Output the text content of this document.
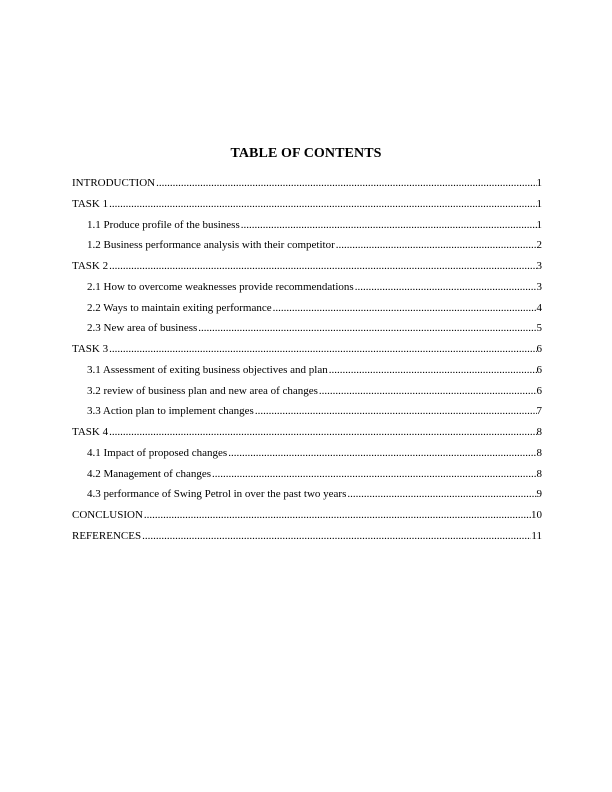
TABLE OF CONTENTS
INTRODUCTION .....	1
TASK 1 .....	1
1.1 Produce profile of the business .....	1
1.2 Business performance analysis with their competitor .....	2
TASK 2 .....	3
2.1 How to overcome weaknesses provide recommendations .....	3
2.2 Ways to maintain exiting performance .....	4
2.3 New area of business .....	5
TASK 3 .....	6
3.1 Assessment of exiting business objectives and plan .....	6
3.2 review of business plan and new area of changes .....	6
3.3 Action plan to implement changes .....	7
TASK 4 .....	8
4.1 Impact of proposed changes .....	8
4.2 Management of changes .....	8
4.3 performance of Swing Petrol in over the past two years .....	9
CONCLUSION .....	10
REFERENCES .....	11
